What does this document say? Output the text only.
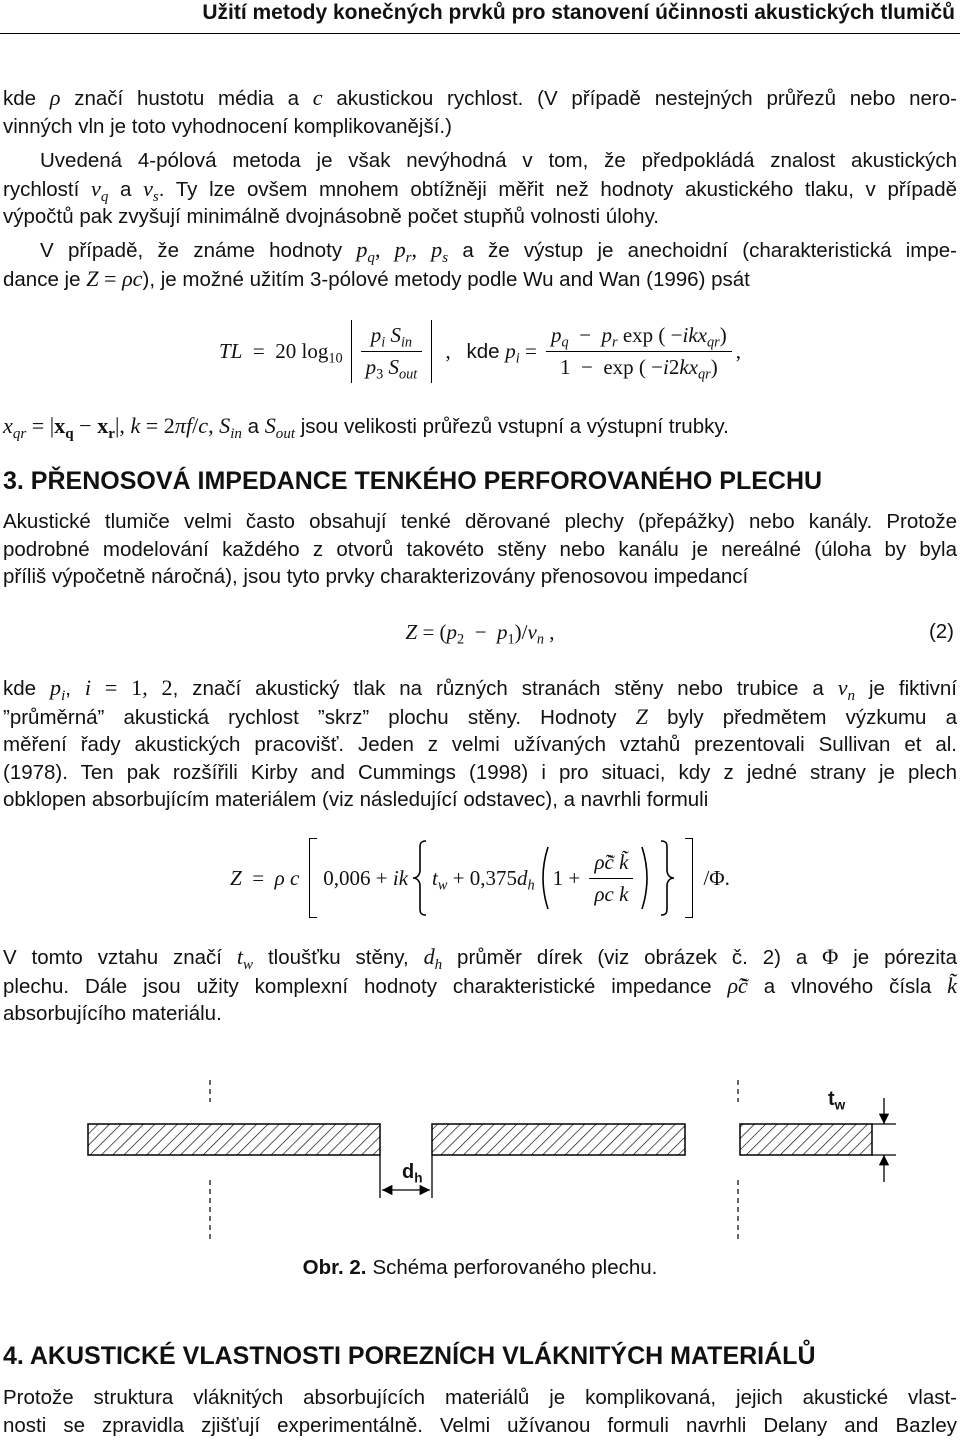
Užití metody konečných prvků pro stanovení účinnosti akustických tlumičů
kde ρ značí hustotu média a c akustickou rychlost. (V případě nestejných průřezů nebo nero-
vinných vln je toto vyhodnocení komplikovanější.)
Uvedená 4-pólová metoda je však nevýhodná v tom, že předpokládá znalost akustických
rychlostí $v_q$ a $v_s$. Ty lze ovšem mnohem obtížněji měřit než hodnoty akustického tlaku, v případě
výpočtů pak zvyšují minimálně dvojnásobně počet stupňů volnosti úlohy.
V případě, že známe hodnoty $p_q$, $p_r$, $p_s$ a že výstup je anechoidní (charakteristická impe-
dance je Z = ρc), je možné užitím 3-pólové metody podle Wu and Wan (1996) psát
TL  =  20 $\log_{10} \frac{p_i S_{in}}{p_3 S_{out}}$ ,   kde $p_i = \frac{p_q - p_r \exp ( -ikx_{qr})}{1 - \exp ( -i2kx_{qr})}$ ,
$x_{qr} = |x_q - x_r|$, k = 2πf/c, $S_{in}$ a $S_{out}$ jsou velikosti průřezů vstupní a výstupní trubky.
3. PŘENOSOVÁ IMPEDANCE TENKÉHO PERFOROVANÉHO PLECHU
Akustické tlumiče velmi často obsahují tenké děrované plechy (přepážky) nebo kanály. Protože
podrobné modelování každého z otvorů takovéto stěny nebo kanálu je nereálné (úloha by byla
příliš výpočetně náročná), jsou tyto prvky charakterizovány přenosovou impedancí
$Z = (p_2 - p_1)/v_n$ ,	(2)
kde $p_i$, i = 1, 2, značí akustický tlak na různých stranách stěny nebo trubice a $v_n$ je fiktivní
”průměrná” akustická rychlost ”skrz” plochu stěny. Hodnoty Z byly předmětem výzkumu a
měření řady akustických pracovišť. Jeden z velmi užívaných vztahů prezentovali Sullivan et al.
(1978). Ten pak rozšířili Kirby and Cummings (1998) i pro situaci, kdy z jedné strany je plech
obklopen absorbujícím materiálem (viz následující odstavec), a navrhli formuli
Z  =  ρ c 0,006 + ik $t_w + 0,375d_h$ $1 + \frac{\rhõc̃ k̃}{\text{ρc k}}$	/Φ.
V tomto vztahu značí $t_w$ tloušťku stěny, $d_h$ průměr dírek (viz obrázek č. 2) a Φ je pórezita
plechu. Dále jsou užity komplexní hodnoty charakteristické impedance ρ̃c̃ a vlnového čísla k̃
absorbujícího materiálu.
$t_w$
$d_h$
Obr. 2. Schéma perforovaného plechu.
4. AKUSTICKÉ VLASTNOSTI POREZNÍCH VLÁKNITÝCH MATERIÁLŮ
Protože struktura vláknitých absorbujících materiálů je komplikovaná, jejich akustické vlast-
nosti se zpravidla zjišťují experimentálně. Velmi užívanou formuli navrhli Delany and Bazley
